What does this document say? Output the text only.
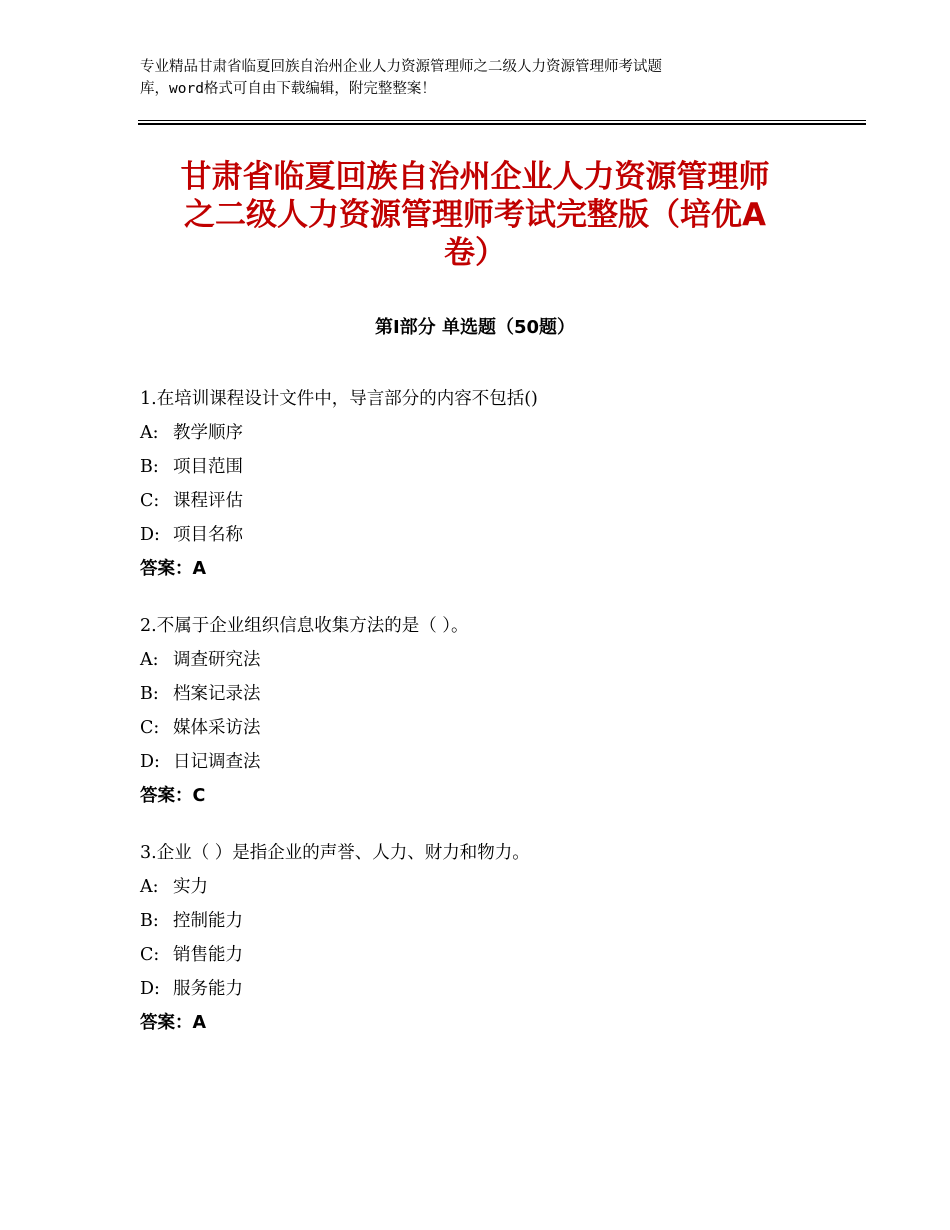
专业精品甘肃省临夏回族自治州企业人力资源管理师之二级人力资源管理师考试题
库，word格式可自由下载编辑，附完整整案！
甘肃省临夏回族自治州企业人力资源管理师
之二级人力资源管理师考试完整版（培优A
卷）
第Ⅰ部分 单选题（50题）
1.在培训课程设计文件中，导言部分的内容不包括()
A: 教学顺序
B: 项目范围
C: 课程评估
D: 项目名称
答案：A
2.不属于企业组织信息收集方法的是（ ）。
A: 调查研究法
B: 档案记录法
C: 媒体采访法
D: 日记调查法
答案：C
3.企业（ ）是指企业的声誉、人力、财力和物力。
A: 实力
B: 控制能力
C: 销售能力
D: 服务能力
答案：A
